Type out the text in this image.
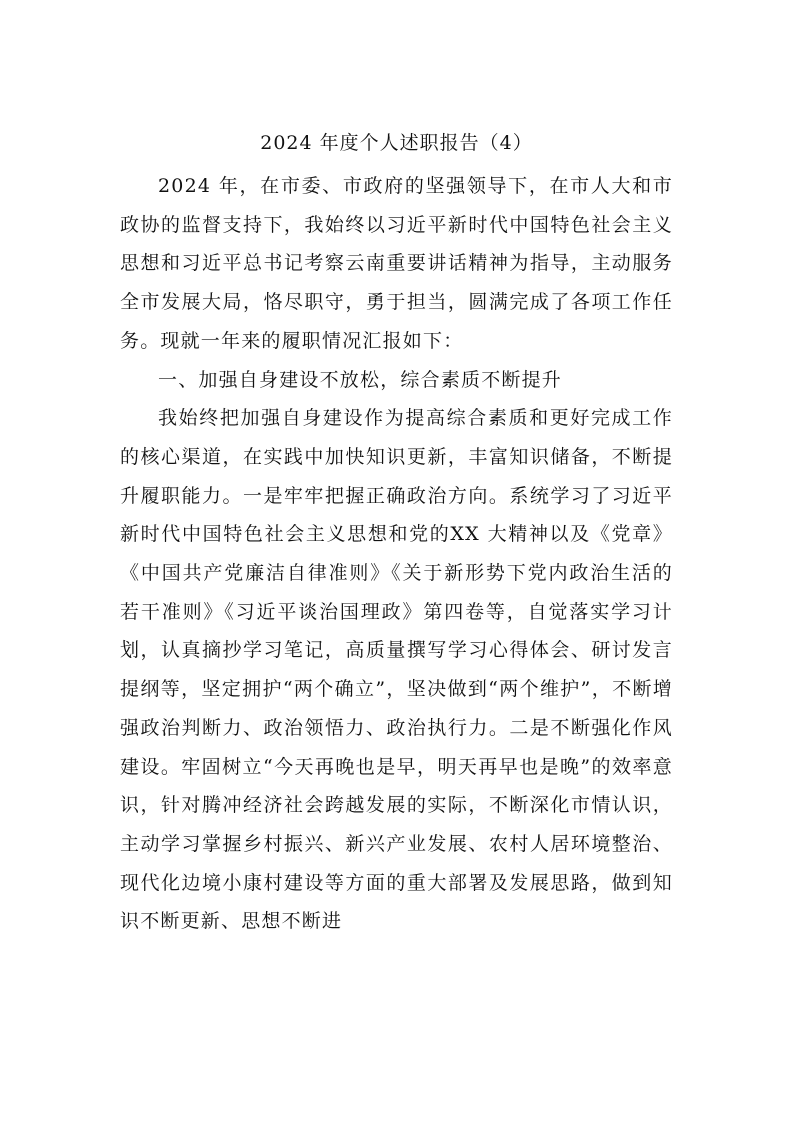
2024 年度个人述职报告（4）

2024 年，在市委、市政府的坚强领导下，在市人大和市政协的监督支持下，我始终以习近平新时代中国特色社会主义思想和习近平总书记考察云南重要讲话精神为指导，主动服务全市发展大局，恪尽职守，勇于担当，圆满完成了各项工作任务。现就一年来的履职情况汇报如下：

一、加强自身建设不放松，综合素质不断提升

我始终把加强自身建设作为提高综合素质和更好完成工作的核心渠道，在实践中加快知识更新，丰富知识储备，不断提升履职能力。一是牢牢把握正确政治方向。系统学习了习近平新时代中国特色社会主义思想和党的XX 大精神以及《党章》《中国共产党廉洁自律准则》《关于新形势下党内政治生活的若干准则》《习近平谈治国理政》第四卷等，自觉落实学习计划，认真摘抄学习笔记，高质量撰写学习心得体会、研讨发言提纲等，坚定拥护“两个确立”，坚决做到“两个维护”，不断增强政治判断力、政治领悟力、政治执行力。二是不断强化作风建设。牢固树立“今天再晚也是早，明天再早也是晚”的效率意识，针对腾冲经济社会跨越发展的实际，不断深化市情认识，主动学习掌握乡村振兴、新兴产业发展、农村人居环境整治、现代化边境小康村建设等方面的重大部署及发展思路，做到知识不断更新、思想不断进
